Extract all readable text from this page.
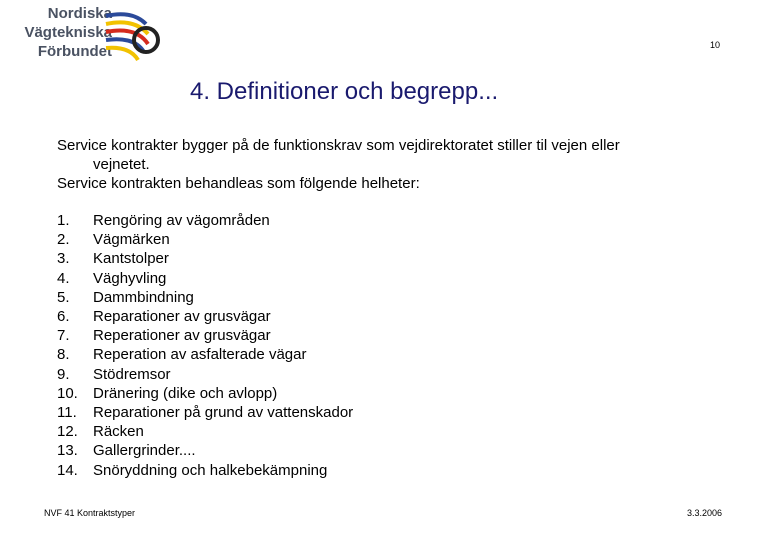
Nordiska
Vägtekniska
Förbundet	10
4. Definitioner och begrepp...

Service kontrakter bygger på de funktionskrav som vejdirektoratet stiller til vejen eller

vejnetet.

Service kontrakten behandleas som fölgende helheter:

1.	Rengöring av vägområden
2.	Vägmärken
3.	Kantstolper
4.	Väghyvling
5.	Dammbindning
6.	Reparationer av grusvägar
7.	Reperationer av grusvägar
8.	Reperation av asfalterade vägar
9.	Stödremsor
10.	Dränering (dike och avlopp)
11.	Reparationer på grund av vattenskador
12.	Räcken
13.	Gallergrinder....
14.	Snöryddning och halkebekämpning
NVF 41 Kontraktstyper	3.3.2006
